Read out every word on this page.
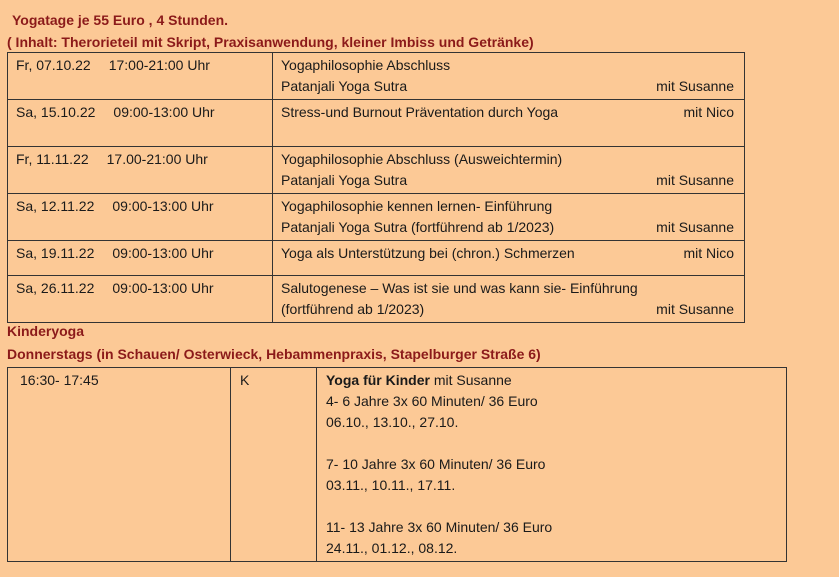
Yogatage je 55 Euro , 4 Stunden.
( Inhalt: Therorieteil mit Skript, Praxisanwendung, kleiner Imbiss und Getränke)
Fr, 07.10.22 17:00-21:00 Uhr	Yogaphilosophie Abschluss
Patanjali Yoga Sutra mit Susanne

Sa, 15.10.22 09:00-13:00 Uhr	Stress-und Burnout Präventation durch Yoga mit Nico

Fr, 11.11.22 17.00-21:00 Uhr	Yogaphilosophie Abschluss (Ausweichtermin)
Patanjali Yoga Sutra mit Susanne

Sa, 12.11.22 09:00-13:00 Uhr	Yogaphilosophie kennen lernen- Einführung
Patanjali Yoga Sutra (fortführend ab 1/2023) mit Susanne

Sa, 19.11.22 09:00-13:00 Uhr	Yoga als Unterstützung bei (chron.) Schmerzen mit Nico

Sa, 26.11.22 09:00-13:00 Uhr	Salutogenese – Was ist sie und was kann sie- Einführung
(fortführend ab 1/2023) mit Susanne
Kinderyoga
Donnerstags (in Schauen/ Osterwieck, Hebammenpraxis, Stapelburger Straße 6)
16:30- 17:45	K	Yoga für Kinder mit Susanne
4- 6 Jahre 3x 60 Minuten/ 36 Euro
06.10., 13.10., 27.10.

7- 10 Jahre 3x 60 Minuten/ 36 Euro
03.11., 10.11., 17.11.

11- 13 Jahre 3x 60 Minuten/ 36 Euro
24.11., 01.12., 08.12.
